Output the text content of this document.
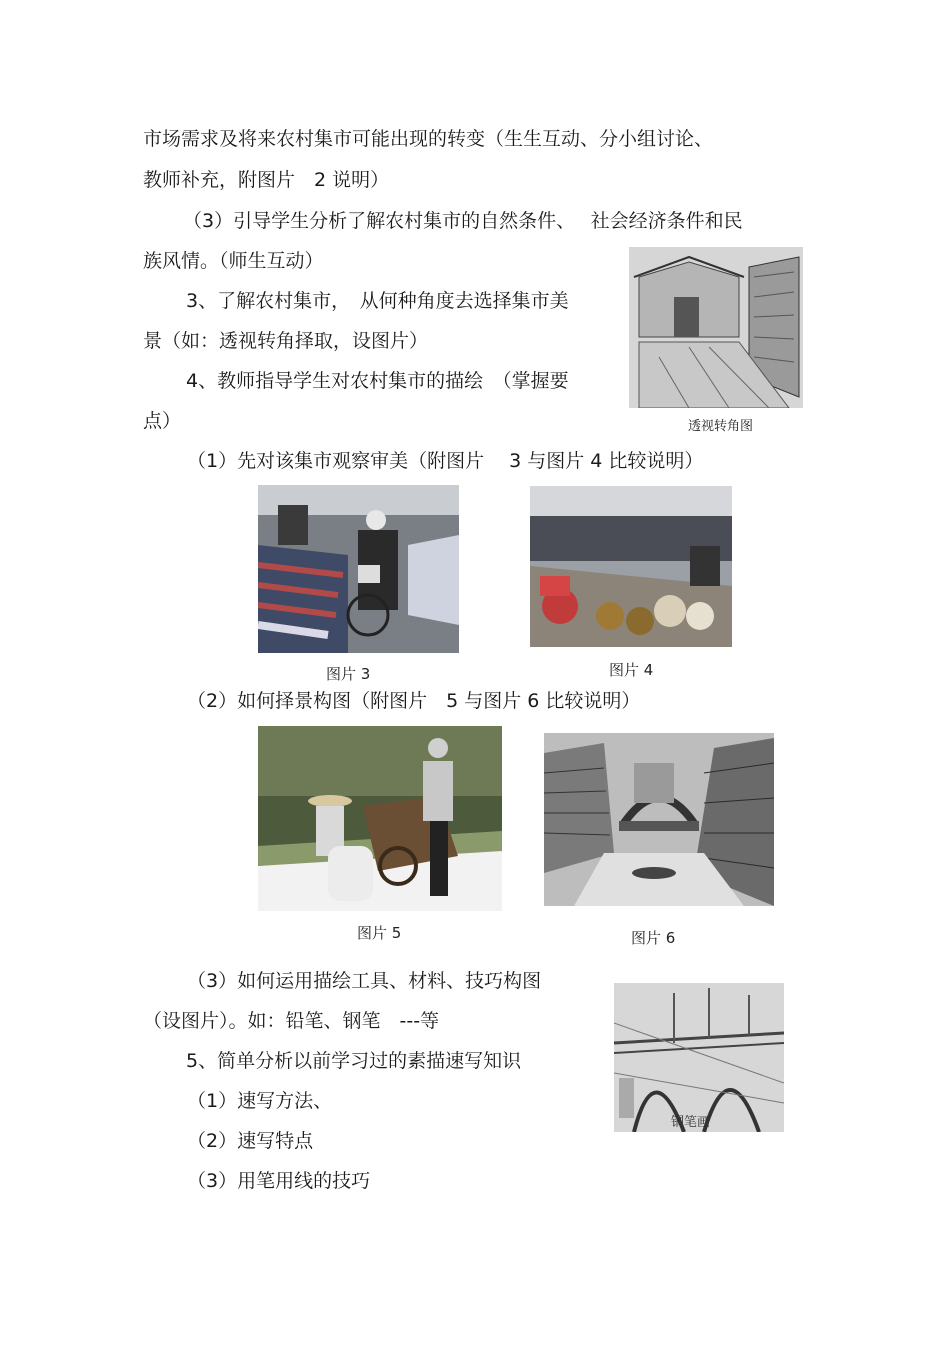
市场需求及将来农村集市可能出现的转变（生生互动、分小组讨论、
教师补充，附图片　2 说明）
（3）引导学生分析了解农村集市的自然条件、　 社会经济条件和民
族风情。（师生互动）
3、了解农村集市，　从何种角度去选择集市美
景（如：透视转角择取，设图片）
4、教师指导学生对农村集市的描绘　（掌握要
点）
（1）先对该集市观察审美（附图片　 3 与图片 4 比较说明）
（2）如何择景构图（附图片　5 与图片 6 比较说明）
（3）如何运用描绘工具、材料、技巧构图
（设图片）。如：铅笔、钢笔　---等
5、简单分析以前学习过的素描速写知识
（1）速写方法、
（2）速写特点
（3）用笔用线的技巧
透视转角图
图片 3	图片 4
图片 5	图片 6
钢笔画
